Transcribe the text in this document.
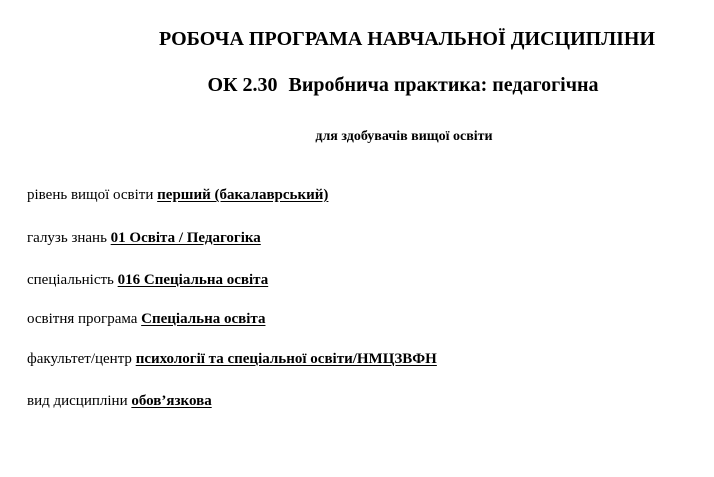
РОБОЧА ПРОГРАМА НАВЧАЛЬНОЇ ДИСЦИПЛІНИ
ОК 2.30 Виробнича практика: педагогічна
для здобувачів вищої освіти
рівень вищої освіти перший (бакалаврський)
галузь знань 01 Освіта / Педагогіка
спеціальність 016 Спеціальна освіта
освітня програма Спеціальна освіта
факультет/центр психології та спеціальної освіти/НМЦЗВФН
вид дисципліни обов’язкова
